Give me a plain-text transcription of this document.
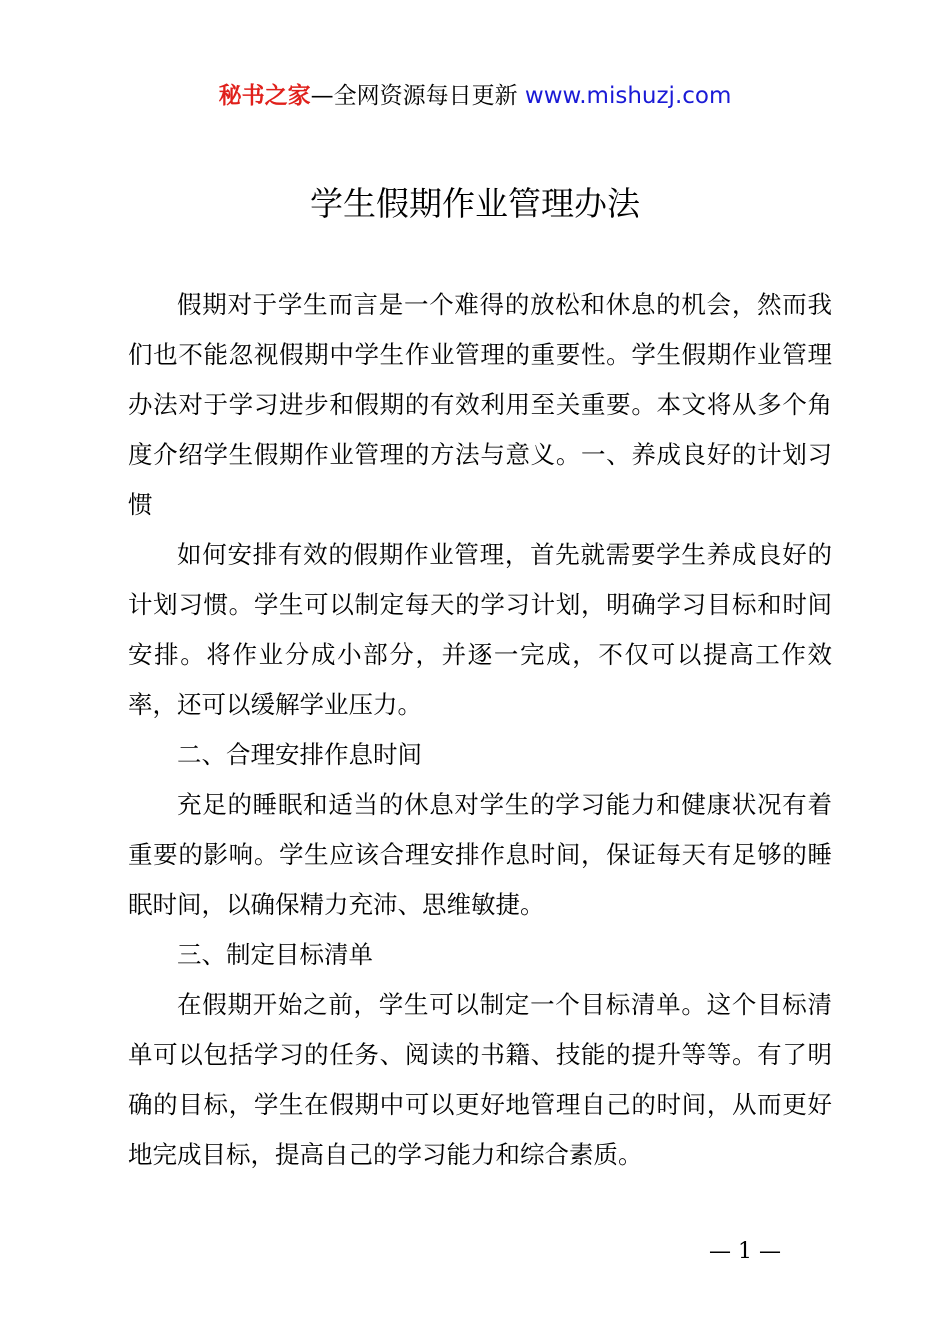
秘书之家—全网资源每日更新 www.mishuzj.com
学生假期作业管理办法

假期对于学生而言是一个难得的放松和休息的机会，然而我们也不能忽视假期中学生作业管理的重要性。学生假期作业管理办法对于学习进步和假期的有效利用至关重要。本文将从多个角度介绍学生假期作业管理的方法与意义。一、养成良好的计划习惯

如何安排有效的假期作业管理，首先就需要学生养成良好的计划习惯。学生可以制定每天的学习计划，明确学习目标和时间安排。将作业分成小部分，并逐一完成，不仅可以提高工作效率，还可以缓解学业压力。

二、合理安排作息时间

充足的睡眠和适当的休息对学生的学习能力和健康状况有着重要的影响。学生应该合理安排作息时间，保证每天有足够的睡眠时间，以确保精力充沛、思维敏捷。

三、制定目标清单

在假期开始之前，学生可以制定一个目标清单。这个目标清单可以包括学习的任务、阅读的书籍、技能的提升等等。有了明确的目标，学生在假期中可以更好地管理自己的时间，从而更好地完成目标，提高自己的学习能力和综合素质。

— 1 —
